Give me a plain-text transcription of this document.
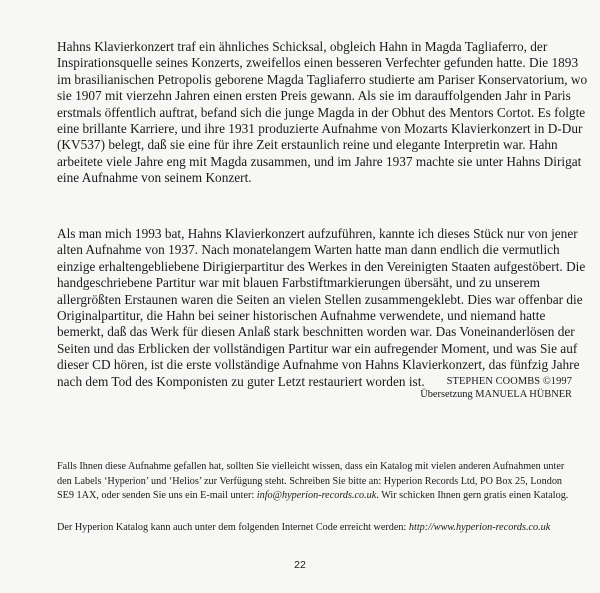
Hahns Klavierkonzert traf ein ähnliches Schicksal, obgleich Hahn in Magda Tagliaferro, der Inspirationsquelle seines Konzerts, zweifellos einen besseren Verfechter gefunden hatte. Die 1893 im brasilianischen Petropolis geborene Magda Tagliaferro studierte am Pariser Konservatorium, wo sie 1907 mit vierzehn Jahren einen ersten Preis gewann. Als sie im darauffolgenden Jahr in Paris erstmals öffentlich auftrat, befand sich die junge Magda in der Obhut des Mentors Cortot. Es folgte eine brillante Karriere, und ihre 1931 produzierte Aufnahme von Mozarts Klavierkonzert in D-Dur (KV537) belegt, daß sie eine für ihre Zeit erstaunlich reine und elegante Interpretin war. Hahn arbeitete viele Jahre eng mit Magda zusammen, und im Jahre 1937 machte sie unter Hahns Dirigat eine Aufnahme von seinem Konzert.

Als man mich 1993 bat, Hahns Klavierkonzert aufzuführen, kannte ich dieses Stück nur von jener alten Aufnahme von 1937. Nach monatelangem Warten hatte man dann endlich die vermutlich einzige erhaltengebliebene Dirigierpartitur des Werkes in den Vereinigten Staaten aufgestöbert. Die handgeschriebene Partitur war mit blauen Farbstiftmarkierungen übersäht, und zu unserem allergrößten Erstaunen waren die Seiten an vielen Stellen zusammengeklebt. Dies war offenbar die Originalpartitur, die Hahn bei seiner historischen Aufnahme verwendete, und niemand hatte bemerkt, daß das Werk für diesen Anlaß stark beschnitten worden war. Das Voneinanderlösen der Seiten und das Erblicken der vollständigen Partitur war ein aufregender Moment, und was Sie auf dieser CD hören, ist die erste vollständige Aufnahme von Hahns Klavierkonzert, das fünfzig Jahre nach dem Tod des Komponisten zu guter Letzt restauriert worden ist.	STEPHEN COOMBS ©1997
Übersetzung MANUELA HÜBNER

Falls Ihnen diese Aufnahme gefallen hat, sollten Sie vielleicht wissen, dass ein Katalog mit vielen anderen Aufnahmen unter den Labels ‘Hyperion’ und ‘Helios’ zur Verfügung steht. Schreiben Sie bitte an: Hyperion Records Ltd, PO Box 25, London SE9 1AX, oder senden Sie uns ein E-mail unter: info@hyperion-records.co.uk. Wir schicken Ihnen gern gratis einen Katalog.

Der Hyperion Katalog kann auch unter dem folgenden Internet Code erreicht werden: http://www.hyperion-records.co.uk

22
